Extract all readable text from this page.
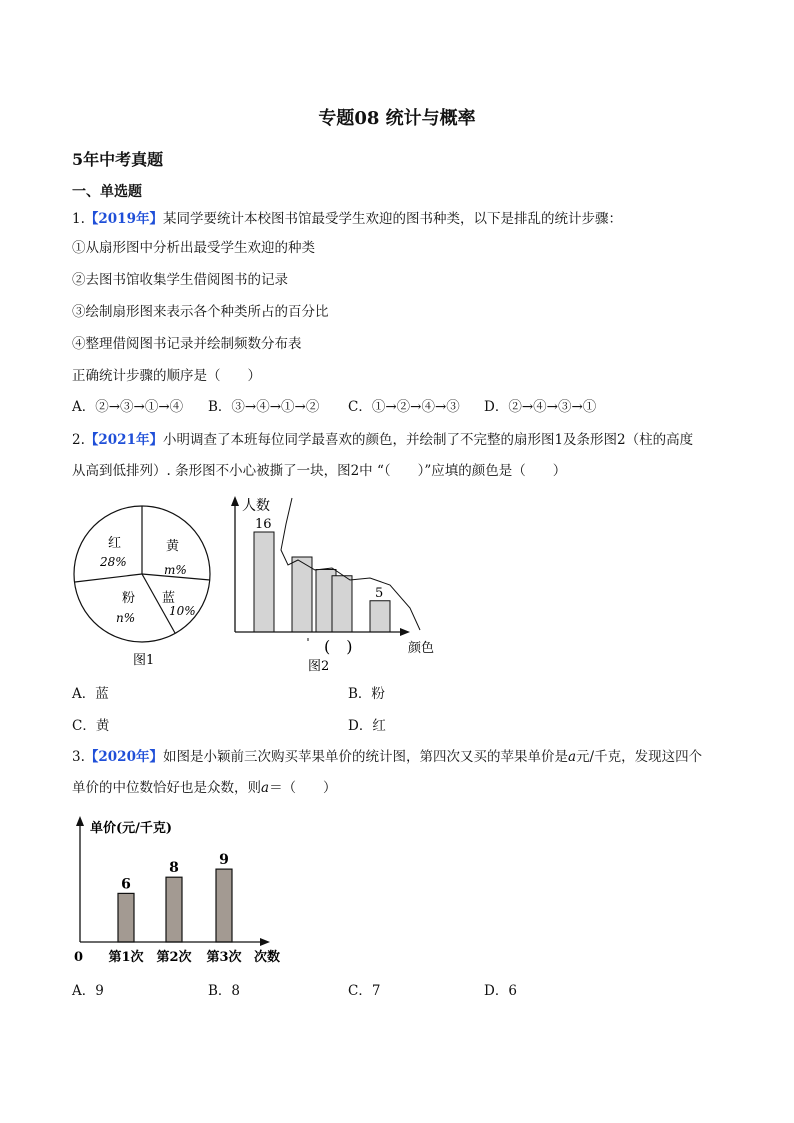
专题08 统计与概率
5年中考真题
一、单选题
1.【2019年】某同学要统计本校图书馆最受学生欢迎的图书种类，以下是排乱的统计步骤：
①从扇形图中分析出最受学生欢迎的种类
②去图书馆收集学生借阅图书的记录
③绘制扇形图来表示各个种类所占的百分比
④整理借阅图书记录并绘制频数分布表
正确统计步骤的顺序是（　　）
A．②→③→①→④ B．③→④→①→② C．①→②→④→③ D．②→④→③→①
2.【2021年】小明调查了本班每位同学最喜欢的颜色，并绘制了不完整的扇形图1及条形图2（柱的高度
从高到低排列）. 条形图不小心被撕了一块，图2中 “（　　）”应填的颜色是（　　）
红
28%
黄
m%
蓝
10%
粉
n%
图1
人数
颜色
16
5
(　)
图2
A．蓝	B．粉
C．黄	D．红
3.【2020年】如图是小颖前三次购买苹果单价的统计图，第四次又买的苹果单价是a元/千克，发现这四个
单价的中位数恰好也是众数，则a＝（　　）
6
第1次
8
第2次
9
第3次
单价(元/千克)
0	次数
A．9	B．8	C．7	D．6
